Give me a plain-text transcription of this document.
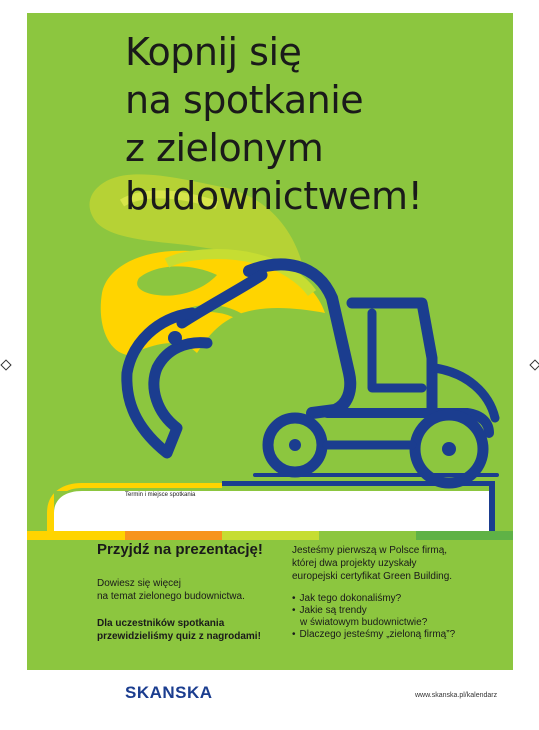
Kopnij się
na spotkanie
z zielonym
budownictwem!
Termin i miejsce spotkania
Przyjdź na prezentację!
Dowiesz się więcej
na temat zielonego budownictwa.
Dla uczestników spotkania
przewidzieliśmy quiz z nagrodami!
Jesteśmy pierwszą w Polsce firmą,
której dwa projekty uzyskały
europejski certyfikat Green Building.
• Jak tego dokonaliśmy?
• Jakie są trendy
w światowym budownictwie?
• Dlaczego jesteśmy „zieloną firmą”?
SKANSKA	www.skanska.pl/kalendarz
